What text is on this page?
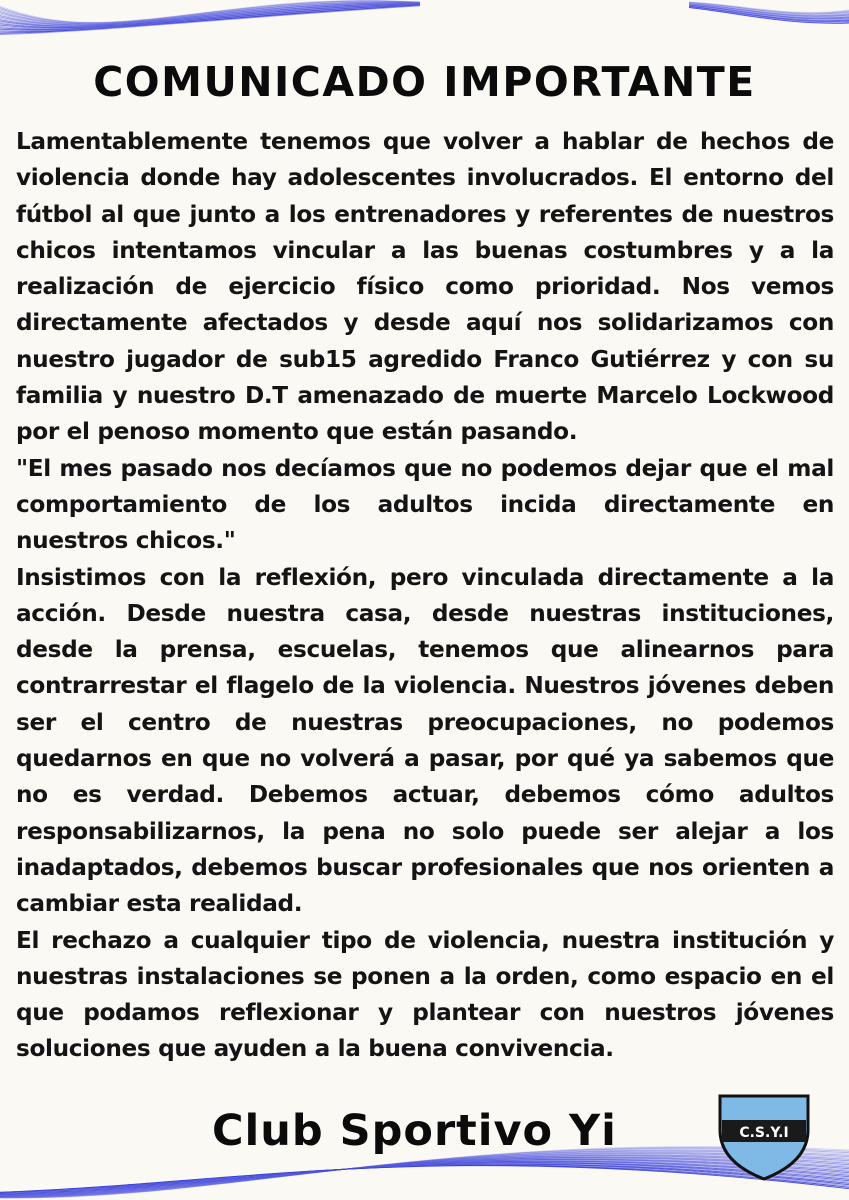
COMUNICADO IMPORTANTE

Lamentablemente tenemos que volver a hablar de hechos de violencia donde hay adolescentes involucrados. El entorno del fútbol al que junto a los entrenadores y referentes de nuestros chicos intentamos vincular a las buenas costumbres y a la realización de ejercicio físico como prioridad. Nos vemos directamente afectados y desde aquí nos solidarizamos con nuestro jugador de sub15 agredido Franco Gutiérrez y con su familia y nuestro D.T amenazado de muerte Marcelo Lockwood por el penoso momento que están pasando.

"El mes pasado nos decíamos que no podemos dejar que el mal comportamiento de los adultos incida directamente en nuestros chicos."

Insistimos con la reflexión, pero vinculada directamente a la acción. Desde nuestra casa, desde nuestras instituciones, desde la prensa, escuelas, tenemos que alinearnos para contrarrestar el flagelo de la violencia. Nuestros jóvenes deben ser el centro de nuestras preocupaciones, no podemos quedarnos en que no volverá a pasar, por qué ya sabemos que no es verdad. Debemos actuar, debemos cómo adultos responsabilizarnos, la pena no solo puede ser alejar a los inadaptados, debemos buscar profesionales que nos orienten a cambiar esta realidad.

El rechazo a cualquier tipo de violencia, nuestra institución y nuestras instalaciones se ponen a la orden, como espacio en el que podamos reflexionar y plantear con nuestros jóvenes soluciones que ayuden a la buena convivencia.

Club Sportivo Yi	C.S.Y.I
